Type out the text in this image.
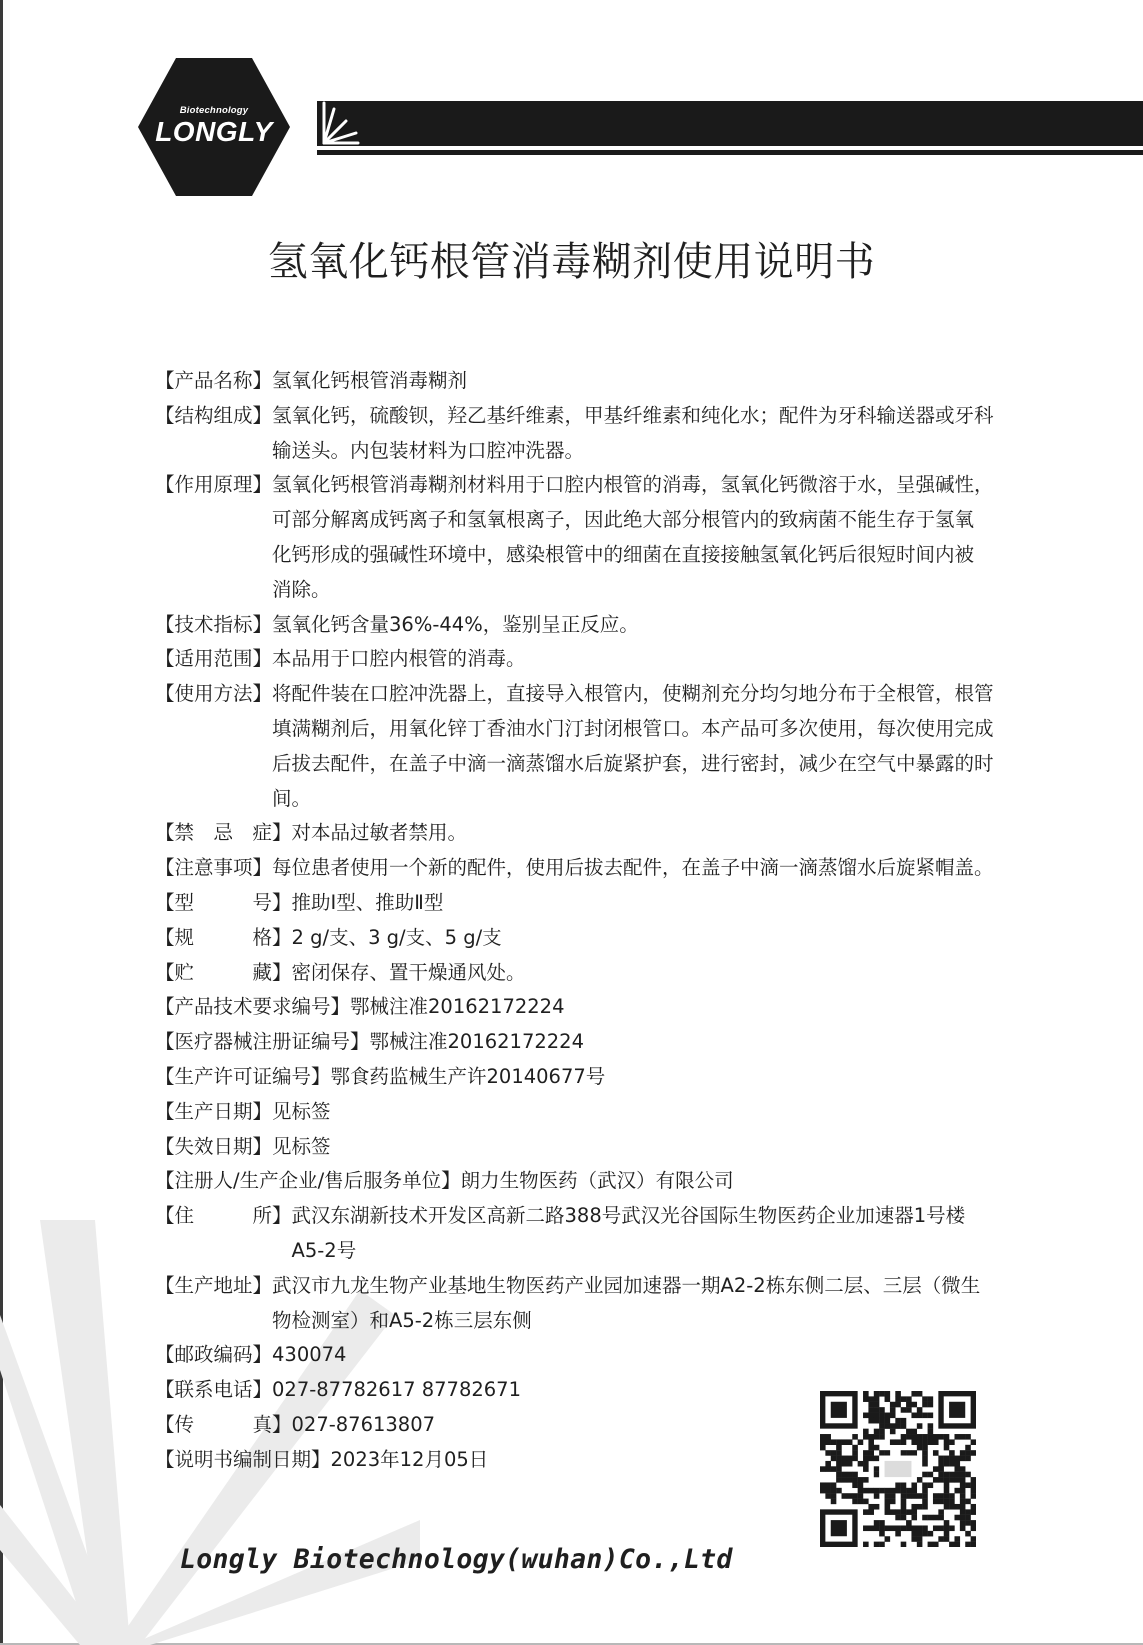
Biotechnology
LONGLY
氢氧化钙根管消毒糊剂使用说明书
【产品名称】 氢氧化钙根管消毒糊剂
【结构组成】 氢氧化钙，硫酸钡，羟乙基纤维素，甲基纤维素和纯化水；配件为牙科输送器或牙科
输送头。内包装材料为口腔冲洗器。
【作用原理】 氢氧化钙根管消毒糊剂材料用于口腔内根管的消毒，氢氧化钙微溶于水，呈强碱性，
可部分解离成钙离子和氢氧根离子，因此绝大部分根管内的致病菌不能生存于氢氧
化钙形成的强碱性环境中，感染根管中的细菌在直接接触氢氧化钙后很短时间内被
消除。
【技术指标】 氢氧化钙含量36%-44%，鉴别呈正反应。
【适用范围】 本品用于口腔内根管的消毒。
【使用方法】 将配件装在口腔冲洗器上，直接导入根管内，使糊剂充分均匀地分布于全根管，根管
填满糊剂后，用氧化锌丁香油水门汀封闭根管口。本产品可多次使用，每次使用完成
后拔去配件，在盖子中滴一滴蒸馏水后旋紧护套，进行密封，减少在空气中暴露的时间。
【禁　忌　症】 对本品过敏者禁用。
【注意事项】 每位患者使用一个新的配件，使用后拔去配件，在盖子中滴一滴蒸馏水后旋紧帽盖。
【型　　　号】 推助Ⅰ型、推助Ⅱ型
【规　　　格】 2 g/支、3 g/支、5 g/支
【贮　　　藏】 密闭保存、置干燥通风处。
【产品技术要求编号】 鄂械注准20162172224
【医疗器械注册证编号】 鄂械注准20162172224
【生产许可证编号】 鄂食药监械生产许20140677号
【生产日期】 见标签
【失效日期】 见标签
【注册人/生产企业/售后服务单位】 朗力生物医药（武汉）有限公司
【住　　　所】 武汉东湖新技术开发区高新二路388号武汉光谷国际生物医药企业加速器1号楼
A5-2号
【生产地址】 武汉市九龙生物产业基地生物医药产业园加速器一期A2-2栋东侧二层、三层（微生
物检测室）和A5-2栋三层东侧
【邮政编码】 430074
【联系电话】 027-87782617 87782671
【传　　　真】 027-87613807
【说明书编制日期】 2023年12月05日
Longly Biotechnology(wuhan)Co.,Ltd
